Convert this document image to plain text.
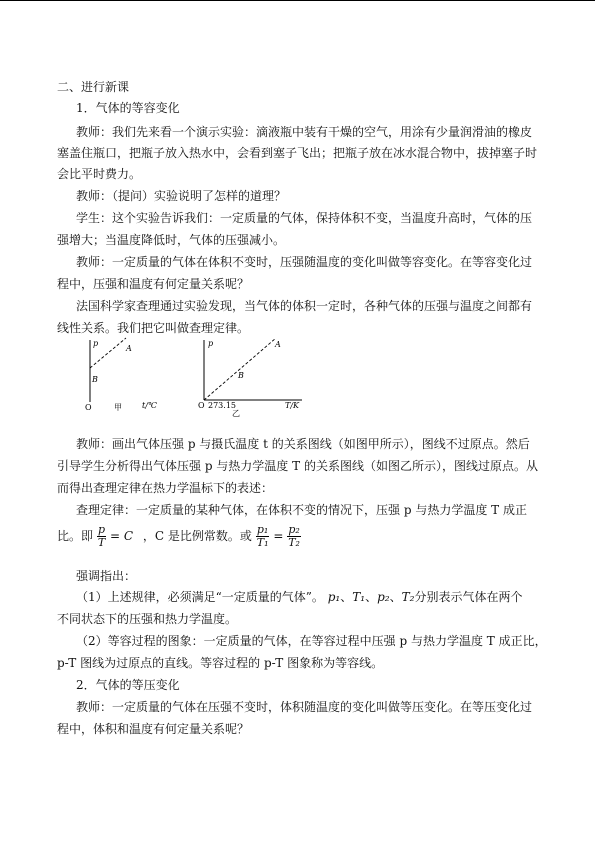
二、进行新课
1．气体的等容变化
教师：我们先来看一个演示实验：滴液瓶中装有干燥的空气，用涂有少量润滑油的橡皮
塞盖住瓶口，把瓶子放入热水中，会看到塞子飞出；把瓶子放在冰水混合物中，拔掉塞子时
会比平时费力。
教师：（提问）实验说明了怎样的道理？
学生：这个实验告诉我们：一定质量的气体，保持体积不变，当温度升高时，气体的压
强增大；当温度降低时，气体的压强减小。
教师：一定质量的气体在体积不变时，压强随温度的变化叫做等容变化。在等容变化过
程中，压强和温度有何定量关系呢？
法国科学家查理通过实验发现，当气体的体积一定时，各种气体的压强与温度之间都有
线性关系。我们把它叫做查理定律。
p
A
B
O	甲	t/℃
p	A
B
O 273.15	T/K
乙
教师：画出气体压强 p 与摄氏温度 t 的关系图线（如图甲所示），图线不过原点。然后
引导学生分析得出气体压强 p 与热力学温度 T 的关系图线（如图乙所示），图线过原点。从
而得出查理定律在热力学温标下的表述：
查理定律：一定质量的某种气体，在体积不变的情况下，压强 p 与热力学温度 T 成正
比。即 $\frac{p}{T} = C$ ，C 是比例常数。或 $\frac{\text{p₁}}{\text{T₁}} = \frac{\text{p₂}}{\text{T₂}}$
强调指出：
（1）上述规律，必须满足“一定质量的气体”。 p₁、T₁、p₂、T₂分别表示气体在两个
不同状态下的压强和热力学温度。
（2）等容过程的图象：一定质量的气体，在等容过程中压强 p 与热力学温度 T 成正比，
p-T 图线为过原点的直线。等容过程的 p-T 图象称为等容线。
2．气体的等压变化
教师：一定质量的气体在压强不变时，体积随温度的变化叫做等压变化。在等压变化过
程中，体积和温度有何定量关系呢？
